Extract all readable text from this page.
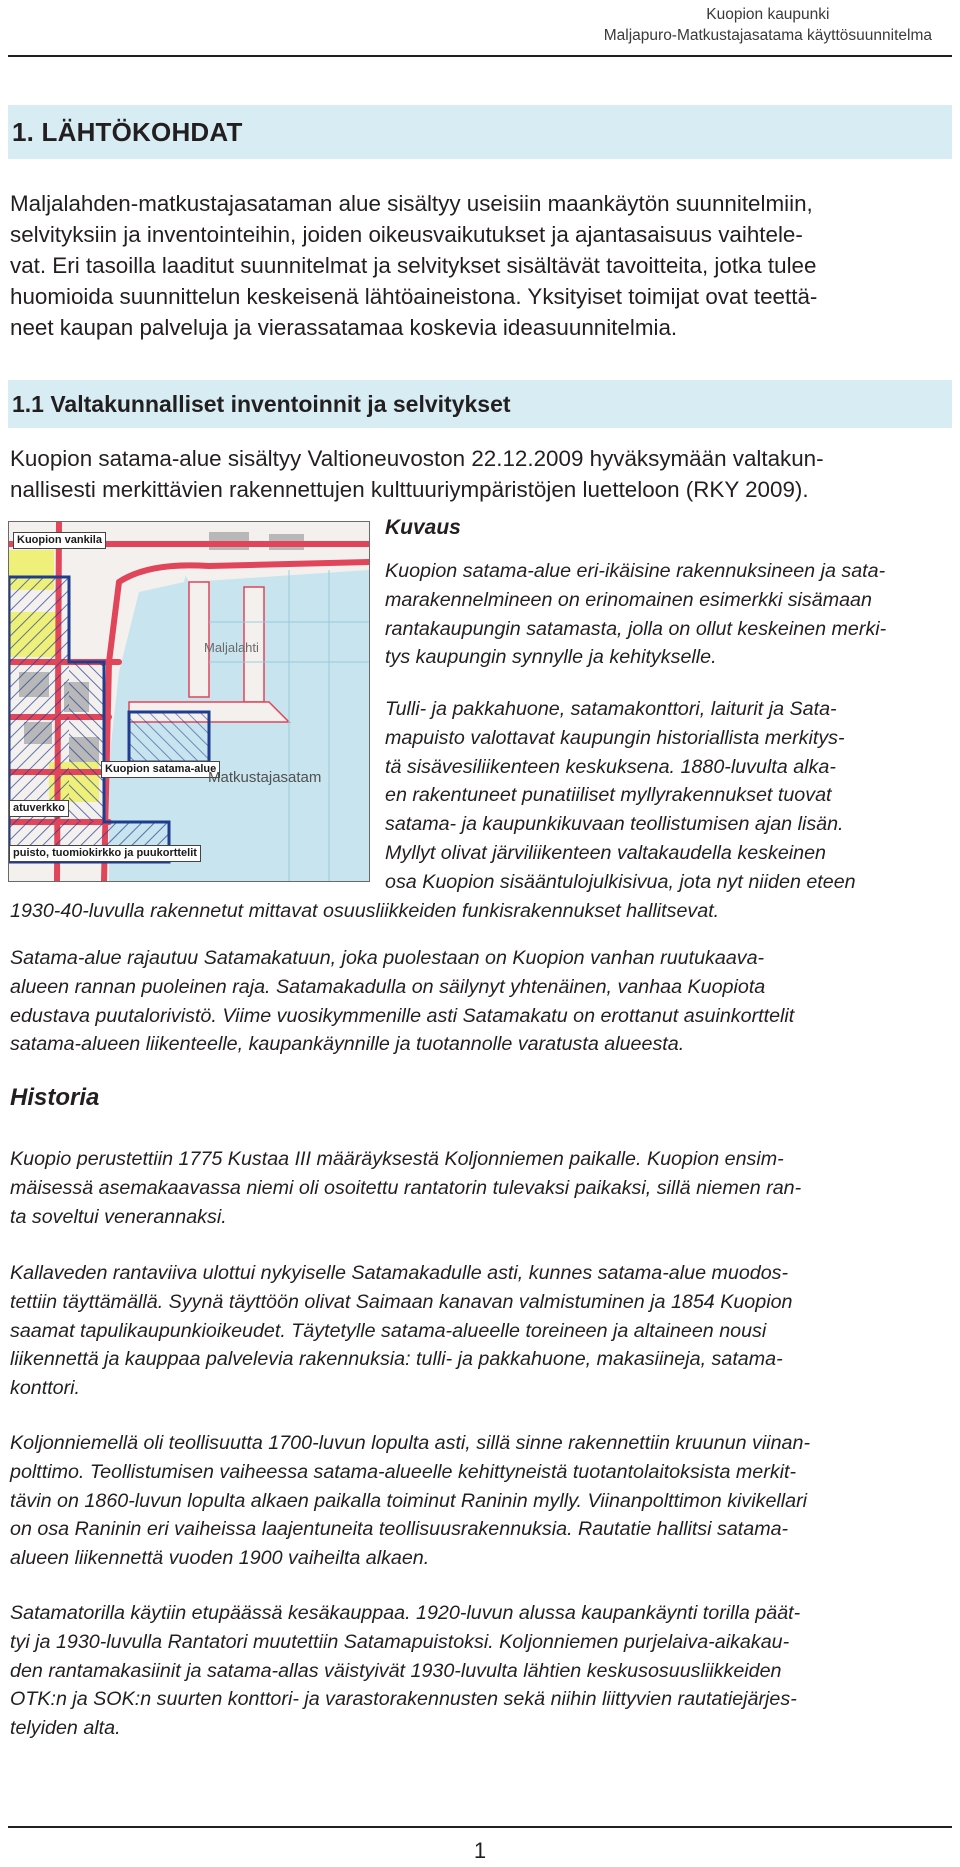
Kuopion kaupunki
Maljapuro-Matkustajasatama käyttösuunnitelma
1. LÄHTÖKOHDAT
Maljalahden-matkustajasataman alue sisältyy useisiin maankäytön suunnitelmiin,
selvityksiin ja inventointeihin, joiden oikeusvaikutukset ja ajantasaisuus vaihtele-
vat. Eri tasoilla laaditut suunnitelmat ja selvitykset sisältävät tavoitteita, jotka tulee
huomioida suunnittelun keskeisenä lähtöaineistona. Yksityiset toimijat ovat teettä-
neet kaupan palveluja ja vierassatamaa koskevia ideasuunnitelmia.
1.1 Valtakunnalliset inventoinnit ja selvitykset
Kuopion satama-alue sisältyy Valtioneuvoston 22.12.2009 hyväksymään valtakun-
nallisesti merkittävien rakennettujen kulttuuriympäristöjen luetteloon (RKY 2009).
Kuopion vankila
Maljalahti
Kuopion satama-alue
Matkustajasatam
atuverkko
puisto, tuomiokirkko ja puukorttelit
Kuvaus
Kuopion satama-alue eri-ikäisine rakennuksineen ja sata-
marakennelmineen on erinomainen esimerkki sisämaan
rantakaupungin satamasta, jolla on ollut keskeinen merki-
tys kaupungin synnylle ja kehitykselle.
Tulli- ja pakkahuone, satamakonttori, laiturit ja Sata-
mapuisto valottavat kaupungin historiallista merkitys-
tä sisävesiliikenteen keskuksena. 1880-luvulta alka-
en rakentuneet punatiiliset myllyrakennukset tuovat
satama- ja kaupunkikuvaan teollistumisen ajan lisän.
Myllyt olivat järviliikenteen valtakaudella keskeinen
osa Kuopion sisääntulojulkisivua, jota nyt niiden eteen
1930-40-luvulla rakennetut mittavat osuusliikkeiden funkisrakennukset hallitsevat.
Satama-alue rajautuu Satamakatuun, joka puolestaan on Kuopion vanhan ruutukaava-
alueen rannan puoleinen raja. Satamakadulla on säilynyt yhtenäinen, vanhaa Kuopiota
edustava puutalorivistö. Viime vuosikymmenille asti Satamakatu on erottanut asuinkorttelit
satama-alueen liikenteelle, kaupankäynnille ja tuotannolle varatusta alueesta.
Historia
Kuopio perustettiin 1775 Kustaa III määräyksestä Koljonniemen paikalle. Kuopion ensim-
mäisessä asemakaavassa niemi oli osoitettu rantatorin tulevaksi paikaksi, sillä niemen ran-
ta soveltui venerannaksi.
Kallaveden rantaviiva ulottui nykyiselle Satamakadulle asti, kunnes satama-alue muodos-
tettiin täyttämällä. Syynä täyttöön olivat Saimaan kanavan valmistuminen ja 1854 Kuopion
saamat tapulikaupunkioikeudet. Täytetylle satama-alueelle toreineen ja altaineen nousi
liikennettä ja kauppaa palvelevia rakennuksia: tulli- ja pakkahuone, makasiineja, satama-
konttori.
Koljonniemellä oli teollisuutta 1700-luvun lopulta asti, sillä sinne rakennettiin kruunun viinan-
polttimo. Teollistumisen vaiheessa satama-alueelle kehittyneistä tuotantolaitoksista merkit-
tävin on 1860-luvun lopulta alkaen paikalla toiminut Raninin mylly. Viinanpolttimon kivikellari
on osa Raninin eri vaiheissa laajentuneita teollisuusrakennuksia. Rautatie hallitsi satama-
alueen liikennettä vuoden 1900 vaiheilta alkaen.
Satamatorilla käytiin etupäässä kesäkauppaa. 1920-luvun alussa kaupankäynti torilla päät-
tyi ja 1930-luvulla Rantatori muutettiin Satamapuistoksi. Koljonniemen purjelaiva-aikakau-
den rantamakasiinit ja satama-allas väistyivät 1930-luvulta lähtien keskusosuusliikkeiden
OTK:n ja SOK:n suurten konttori- ja varastorakennusten sekä niihin liittyvien rautatiejärjes-
telyiden alta.
1
